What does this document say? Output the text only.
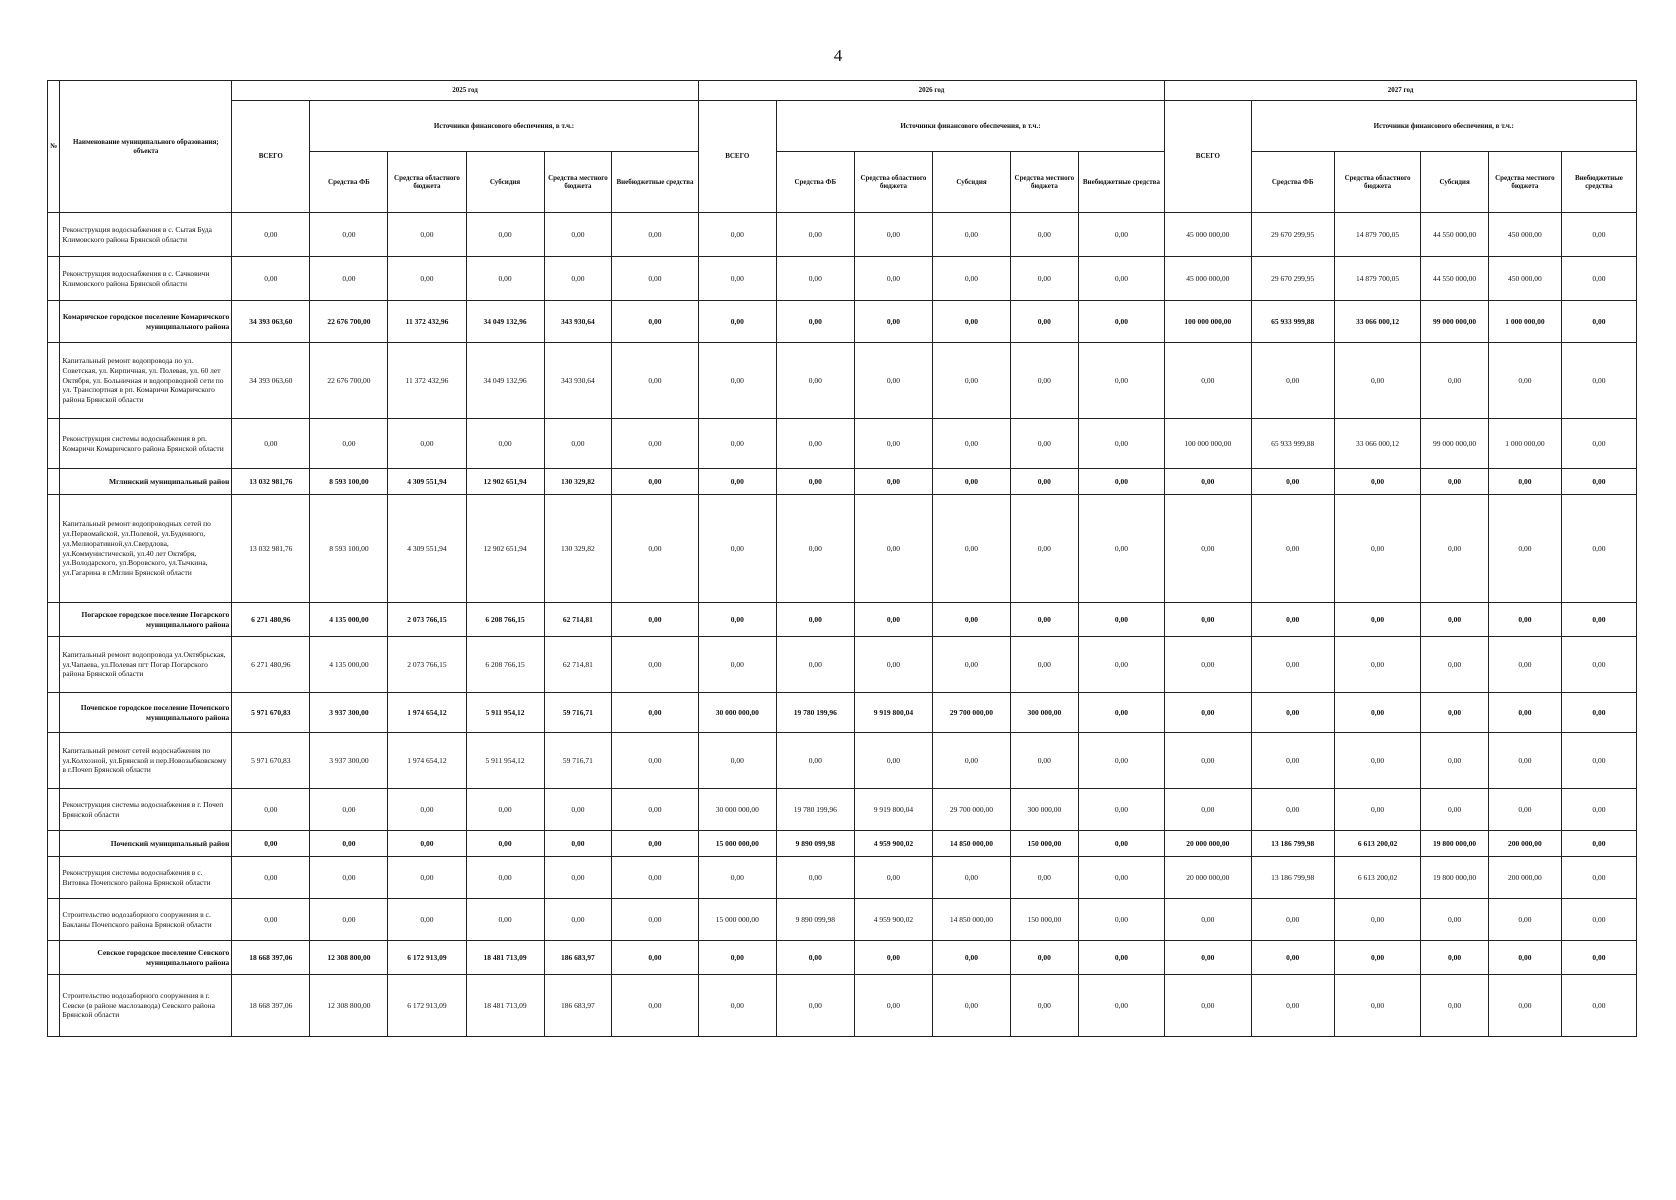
4
№	Наименование муниципального образования; объекта	2025 год						2026 год						2027 год					
		ВСЕГО	Источники финансового обеспечения, в т.ч.:					ВСЕГО	Источники финансового обеспечения, в т.ч.:					ВСЕГО	Источники финансового обеспечения, в т.ч.:				
			Средства ФБ	Средства областного бюджета	Субсидия	Средства местного бюджета	Внебюджетные средства		Средства ФБ	Средства областного бюджета	Субсидия	Средства местного бюджета	Внебюджетные средства		Средства ФБ	Средства областного бюджета	Субсидия	Средства местного бюджета	Внебюджетные средства
	Реконструкция водоснабжения в с. Сытая Буда Климовского района Брянской области	0,00	0,00	0,00	0,00	0,00	0,00	0,00	0,00	0,00	0,00	0,00	0,00	45 000 000,00	29 670 299,95	14 879 700,05	44 550 000,00	450 000,00	0,00
	Реконструкция водоснабжения в с. Сачковичи Климовского района Брянской области	0,00	0,00	0,00	0,00	0,00	0,00	0,00	0,00	0,00	0,00	0,00	0,00	45 000 000,00	29 670 299,95	14 879 700,05	44 550 000,00	450 000,00	0,00
	Комаричское городское поселение Комаричского муниципального района	34 393 063,60	22 676 700,00	11 372 432,96	34 049 132,96	343 930,64	0,00	0,00	0,00	0,00	0,00	0,00	0,00	100 000 000,00	65 933 999,88	33 066 000,12	99 000 000,00	1 000 000,00	0,00
	Капитальный ремонт водопровода по ул. Советская, ул. Кирпичная, ул. Полевая, ул. 60 лет Октября, ул. Больничная и водопроводной сети по ул. Транспортная в рп. Комаричи Комаричского района Брянской области	34 393 063,60	22 676 700,00	11 372 432,96	34 049 132,96	343 930,64	0,00	0,00	0,00	0,00	0,00	0,00	0,00	0,00	0,00	0,00	0,00	0,00	0,00
	Реконструкция системы водоснабжения в рп. Комаричи Комаричского района Брянской области	0,00	0,00	0,00	0,00	0,00	0,00	0,00	0,00	0,00	0,00	0,00	0,00	100 000 000,00	65 933 999,88	33 066 000,12	99 000 000,00	1 000 000,00	0,00
	Мглинский муниципальный район	13 032 981,76	8 593 100,00	4 309 551,94	12 902 651,94	130 329,82	0,00	0,00	0,00	0,00	0,00	0,00	0,00	0,00	0,00	0,00	0,00	0,00	0,00
	Капитальный ремонт водопроводных сетей по ул.Первомайской, ул.Полевой, ул.Буденного, ул.Мелиоративной,ул.Свердлова, ул.Коммунистической, ул.40 лет Октября, ул.Володарского, ул.Воровского, ул.Тычкина, ул.Гагарина в г.Мглин Брянской области	13 032 981,76	8 593 100,00	4 309 551,94	12 902 651,94	130 329,82	0,00	0,00	0,00	0,00	0,00	0,00	0,00	0,00	0,00	0,00	0,00	0,00	0,00
	Погарское городское поселение Погарского муниципального района	6 271 480,96	4 135 000,00	2 073 766,15	6 208 766,15	62 714,81	0,00	0,00	0,00	0,00	0,00	0,00	0,00	0,00	0,00	0,00	0,00	0,00	0,00
	Капитальный ремонт водопровода ул.Октябрьская, ул.Чапаева, ул.Полевая пгт Погар Погарского района Брянской области	6 271 480,96	4 135 000,00	2 073 766,15	6 208 766,15	62 714,81	0,00	0,00	0,00	0,00	0,00	0,00	0,00	0,00	0,00	0,00	0,00	0,00	0,00
	Почепское городское поселение Почепского муниципального района	5 971 670,83	3 937 300,00	1 974 654,12	5 911 954,12	59 716,71	0,00	30 000 000,00	19 780 199,96	9 919 800,04	29 700 000,00	300 000,00	0,00	0,00	0,00	0,00	0,00	0,00	0,00
	Капитальный ремонт сетей водоснабжения по ул.Колхозной, ул.Брянской и пер.Новозыбковскому в г.Почеп Брянской области	5 971 670,83	3 937 300,00	1 974 654,12	5 911 954,12	59 716,71	0,00	0,00	0,00	0,00	0,00	0,00	0,00	0,00	0,00	0,00	0,00	0,00	0,00
	Реконструкция системы водоснабжения в г. Почеп Брянской области	0,00	0,00	0,00	0,00	0,00	0,00	30 000 000,00	19 780 199,96	9 919 800,04	29 700 000,00	300 000,00	0,00	0,00	0,00	0,00	0,00	0,00	0,00
	Почепский муниципальный район	0,00	0,00	0,00	0,00	0,00	0,00	15 000 000,00	9 890 099,98	4 959 900,02	14 850 000,00	150 000,00	0,00	20 000 000,00	13 186 799,98	6 613 200,02	19 800 000,00	200 000,00	0,00
	Реконструкция системы водоснабжения в с. Витовка Почепского района Брянской области	0,00	0,00	0,00	0,00	0,00	0,00	0,00	0,00	0,00	0,00	0,00	0,00	20 000 000,00	13 186 799,98	6 613 200,02	19 800 000,00	200 000,00	0,00
	Строительство водозаборного сооружения в с. Бакланы Почепского района Брянской области	0,00	0,00	0,00	0,00	0,00	0,00	15 000 000,00	9 890 099,98	4 959 900,02	14 850 000,00	150 000,00	0,00	0,00	0,00	0,00	0,00	0,00	0,00
	Севское городское поселение Севского муниципального района	18 668 397,06	12 308 800,00	6 172 913,09	18 481 713,09	186 683,97	0,00	0,00	0,00	0,00	0,00	0,00	0,00	0,00	0,00	0,00	0,00	0,00	0,00
	Строительство водозаборного сооружения в г. Севске (в районе маслозавода) Севского района Брянской области	18 668 397,06	12 308 800,00	6 172 913,09	18 481 713,09	186 683,97	0,00	0,00	0,00	0,00	0,00	0,00	0,00	0,00	0,00	0,00	0,00	0,00	0,00
